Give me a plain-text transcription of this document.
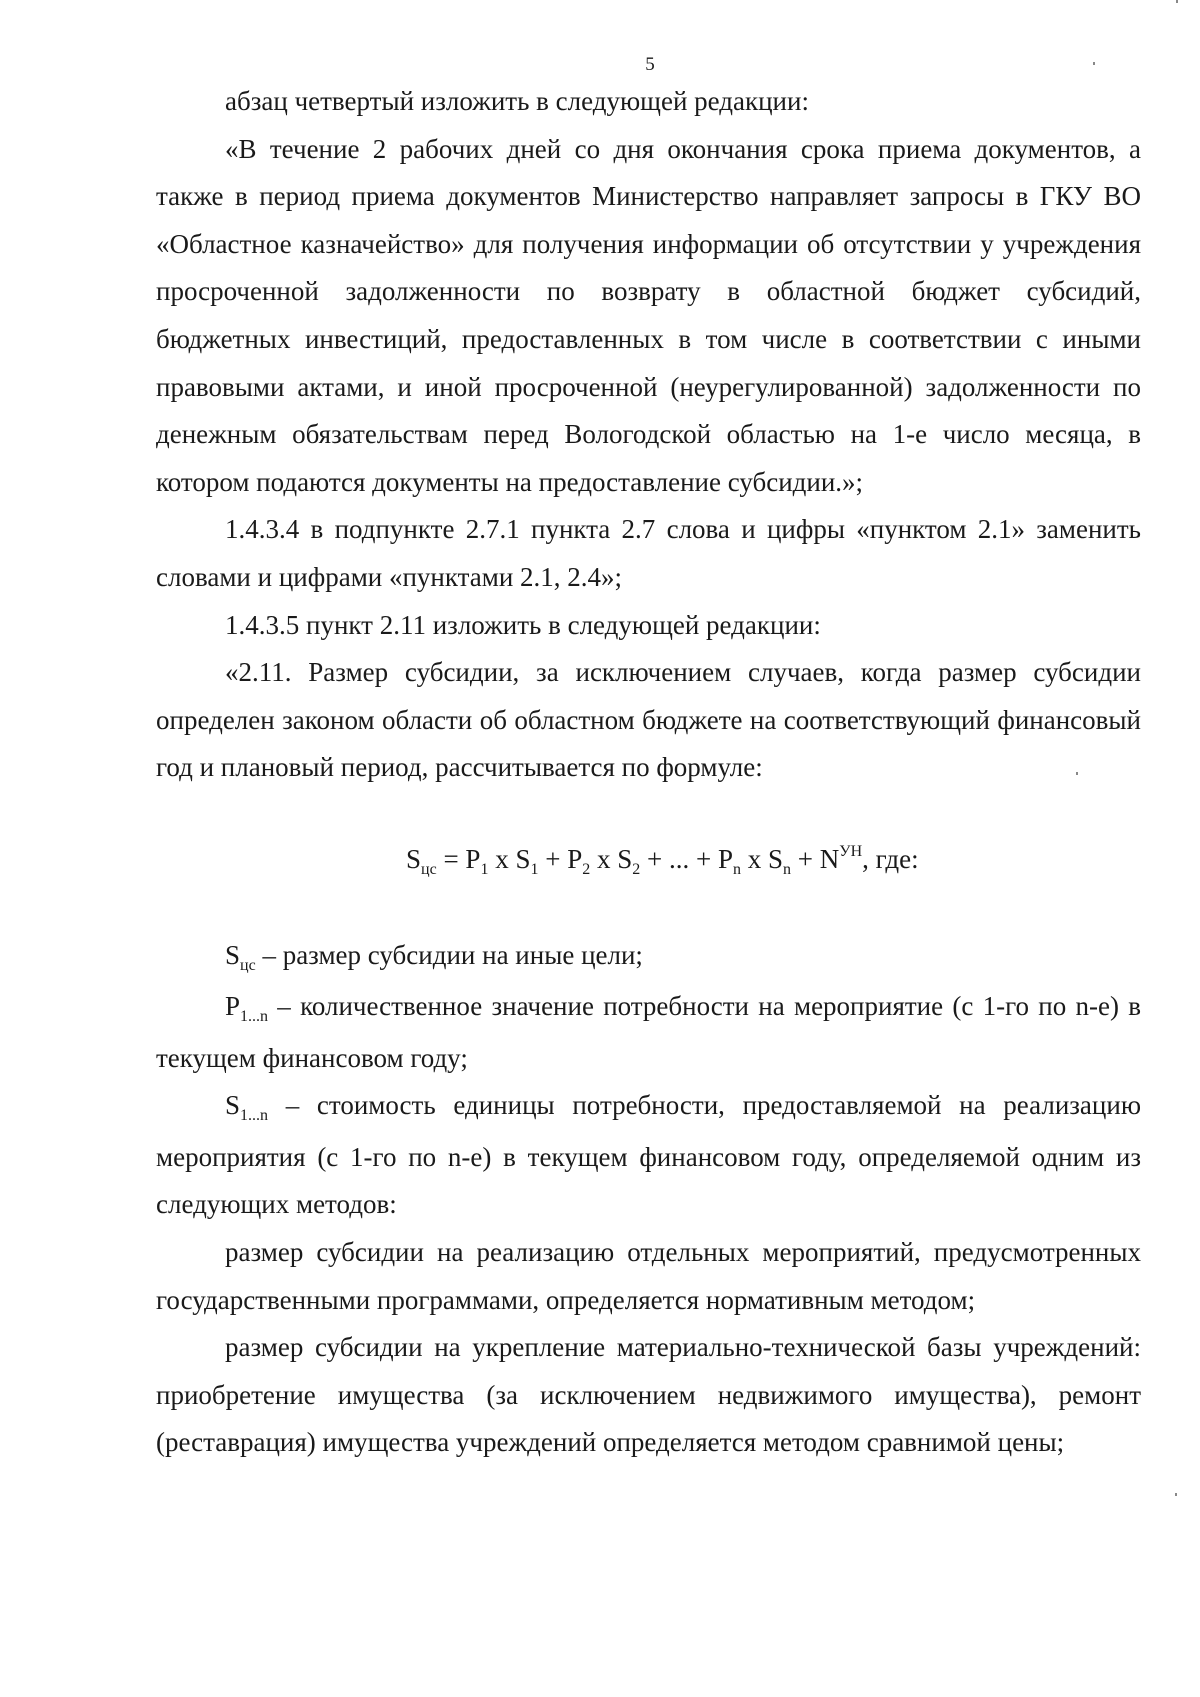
5

абзац четвертый изложить в следующей редакции:

«В течение 2 рабочих дней со дня окончания срока приема документов, а также в период приема документов Министерство направляет запросы в ГКУ ВО «Областное казначейство» для получения информации об отсутствии у учреждения просроченной задолженности по возврату в областной бюджет субсидий, бюджетных инвестиций, предоставленных в том числе в соответствии с иными правовыми актами, и иной просроченной (неурегулированной) задолженности по денежным обязательствам перед Вологодской областью на 1-е число месяца, в котором подаются документы на предоставление субсидии.»;

1.4.3.4 в подпункте 2.7.1 пункта 2.7 слова и цифры «пунктом 2.1» заменить словами и цифрами «пунктами 2.1, 2.4»;

1.4.3.5 пункт 2.11 изложить в следующей редакции:

«2.11. Размер субсидии, за исключением случаев, когда размер субсидии определен законом области об областном бюджете на соответствующий финансовый год и плановый период, рассчитывается по формуле:

$S_{цс} = P_1$ x $S_1 + P_2$ x $S_2$ + ... + $P_n$ x $S_n + N^{УН}$, где:

$S_{цс}$ – размер субсидии на иные цели;

$P_{1...n}$ – количественное значение потребности на мероприятие (с 1-го по n-е) в текущем финансовом году;

$S_{1...n}$ – стоимость единицы потребности, предоставляемой на реализацию мероприятия (с 1-го по n-е) в текущем финансовом году, определяемой одним из следующих методов:

размер субсидии на реализацию отдельных мероприятий, предусмотренных государственными программами, определяется нормативным методом;

размер субсидии на укрепление материально-технической базы учреждений: приобретение имущества (за исключением недвижимого имущества), ремонт (реставрация) имущества учреждений определяется методом сравнимой цены;
